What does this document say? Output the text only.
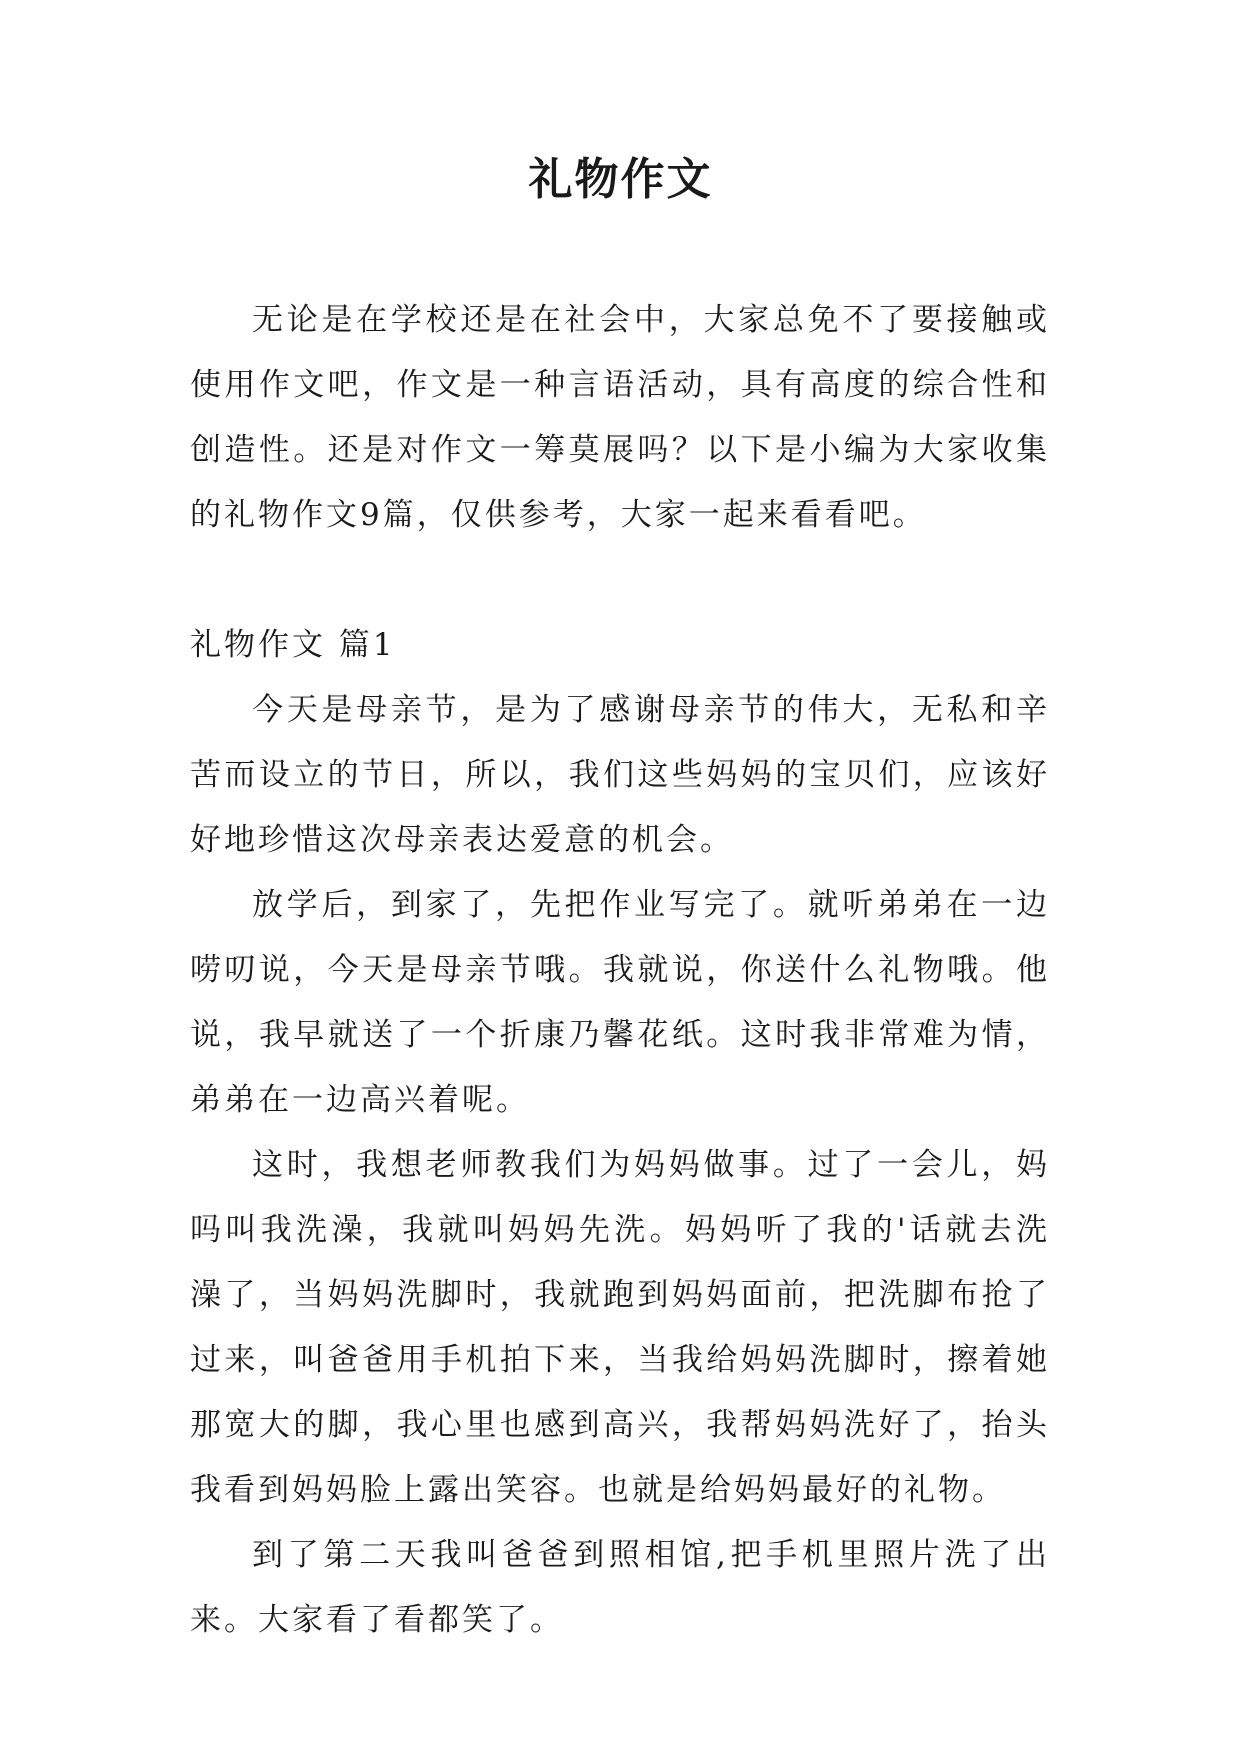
礼物作文

无论是在学校还是在社会中，大家总免不了要接触或使用作文吧，作文是一种言语活动，具有高度的综合性和创造性。还是对作文一筹莫展吗？以下是小编为大家收集的礼物作文9篇，仅供参考，大家一起来看看吧。

礼物作文 篇1

今天是母亲节，是为了感谢母亲节的伟大，无私和辛苦而设立的节日，所以，我们这些妈妈的宝贝们，应该好好地珍惜这次母亲表达爱意的机会。

放学后，到家了，先把作业写完了。就听弟弟在一边唠叨说，今天是母亲节哦。我就说，你送什么礼物哦。他说，我早就送了一个折康乃馨花纸。这时我非常难为情，弟弟在一边高兴着呢。

这时，我想老师教我们为妈妈做事。过了一会儿，妈吗叫我洗澡，我就叫妈妈先洗。妈妈听了我的'话就去洗澡了，当妈妈洗脚时，我就跑到妈妈面前，把洗脚布抢了过来，叫爸爸用手机拍下来，当我给妈妈洗脚时，擦着她那宽大的脚，我心里也感到高兴，我帮妈妈洗好了，抬头我看到妈妈脸上露出笑容。也就是给妈妈最好的礼物。

到了第二天我叫爸爸到照相馆,把手机里照片洗了出来。大家看了看都笑了。
